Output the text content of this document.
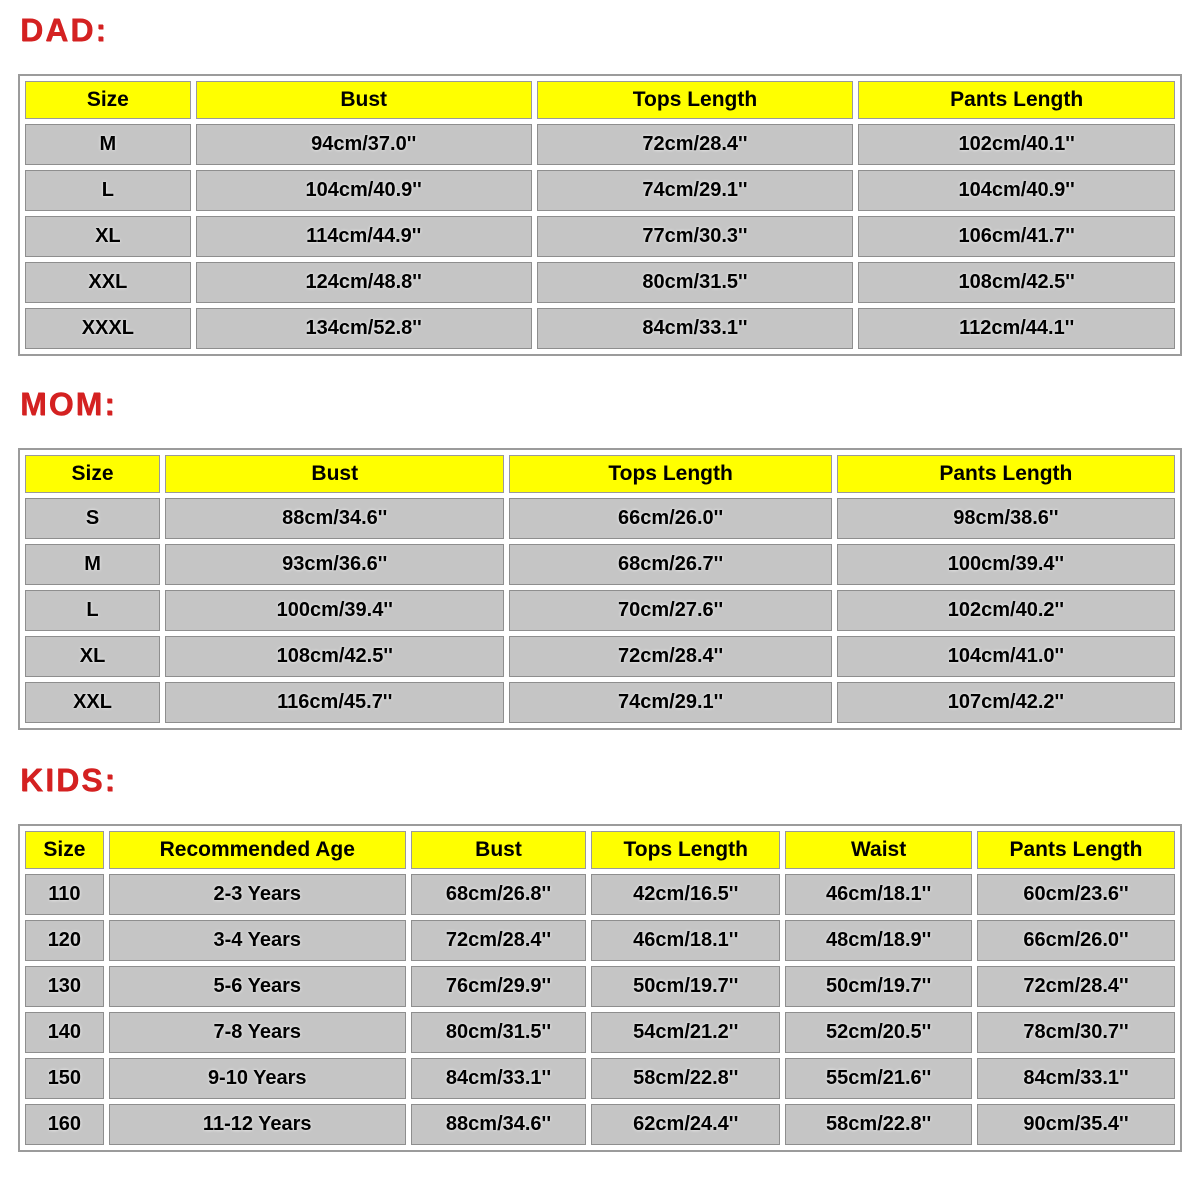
DAD:
Size	Bust	Tops Length	Pants Length
M	94cm/37.0''	72cm/28.4''	102cm/40.1''
L	104cm/40.9''	74cm/29.1''	104cm/40.9''
XL	114cm/44.9''	77cm/30.3''	106cm/41.7''
XXL	124cm/48.8''	80cm/31.5''	108cm/42.5''
XXXL	134cm/52.8''	84cm/33.1''	112cm/44.1''
MOM:
Size	Bust	Tops Length	Pants Length
S	88cm/34.6''	66cm/26.0''	98cm/38.6''
M	93cm/36.6''	68cm/26.7''	100cm/39.4''
L	100cm/39.4''	70cm/27.6''	102cm/40.2''
XL	108cm/42.5''	72cm/28.4''	104cm/41.0''
XXL	116cm/45.7''	74cm/29.1''	107cm/42.2''
KIDS:
Size	Recommended Age	Bust	Tops Length	Waist	Pants Length
110	2-3 Years	68cm/26.8''	42cm/16.5''	46cm/18.1''	60cm/23.6''
120	3-4 Years	72cm/28.4''	46cm/18.1''	48cm/18.9''	66cm/26.0''
130	5-6 Years	76cm/29.9''	50cm/19.7''	50cm/19.7''	72cm/28.4''
140	7-8 Years	80cm/31.5''	54cm/21.2''	52cm/20.5''	78cm/30.7''
150	9-10 Years	84cm/33.1''	58cm/22.8''	55cm/21.6''	84cm/33.1''
160	11-12 Years	88cm/34.6''	62cm/24.4''	58cm/22.8''	90cm/35.4''
